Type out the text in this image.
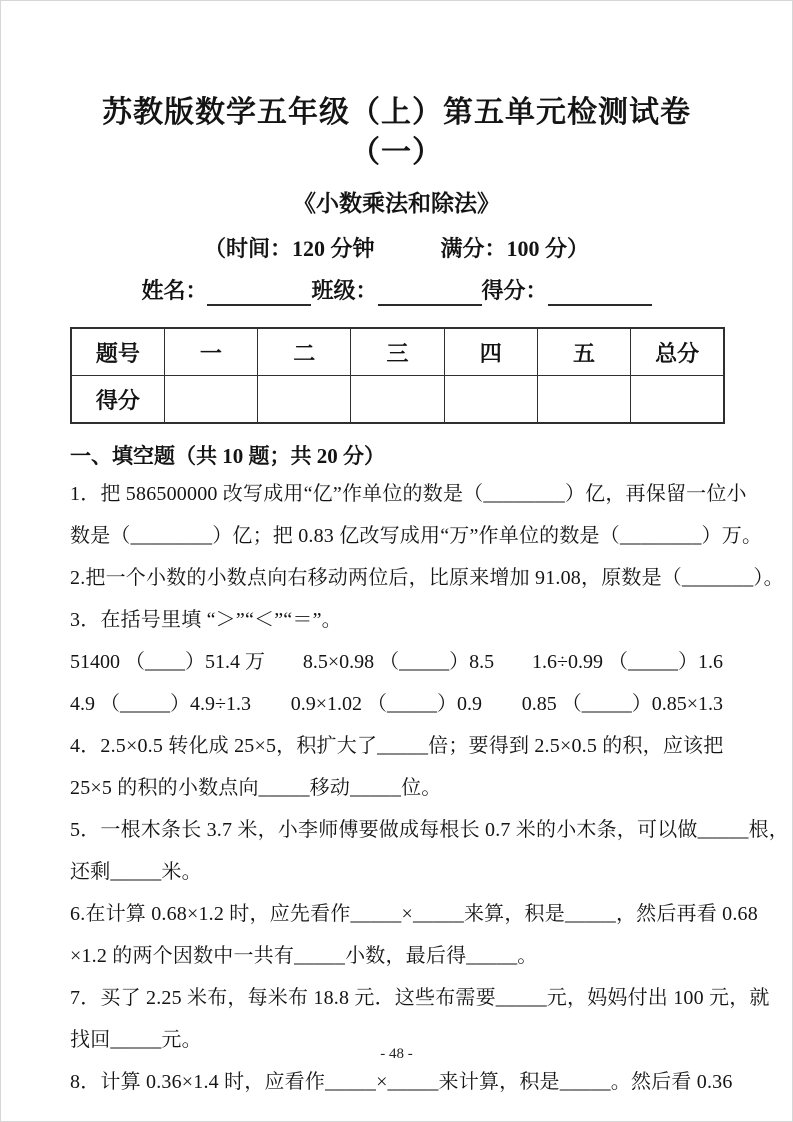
苏教版数学五年级（上）第五单元检测试卷（一）
《小数乘法和除法》
（时间：120 分钟　　　满分：100 分）
姓名：	班级：	得分：
题号	一	二	三	四	五	总分
得分						
一、填空题（共 10 题；共 20 分）
1．把 586500000 改写成用“亿”作单位的数是（________）亿，再保留一位小
数是（________）亿；把 0.83 亿改写成用“万”作单位的数是（________）万。
2.把一个小数的小数点向右移动两位后，比原来增加 91.08，原数是（_______）。
3．在括号里填 “＞”“＜”“＝”。
51400 （____）51.4 万 8.5×0.98 （_____）8.5 1.6÷0.99 （_____）1.6
4.9 （_____）4.9÷1.3 0.9×1.02 （_____）0.9 0.85 （_____）0.85×1.3
4．2.5×0.5 转化成 25×5，积扩大了_____倍；要得到 2.5×0.5 的积，应该把
25×5 的积的小数点向_____移动_____位。
5．一根木条长 3.7 米，小李师傅要做成每根长 0.7 米的小木条，可以做_____根，
还剩_____米。
6.在计算 0.68×1.2 时，应先看作_____×_____来算，积是_____，然后再看 0.68
×1.2 的两个因数中一共有_____小数，最后得_____。
7．买了 2.25 米布，每米布 18.8 元．这些布需要_____元，妈妈付出 100 元，就
找回_____元。
8．计算 0.36×1.4 时，应看作_____×_____来计算，积是_____。然后看 0.36
- 48 -
